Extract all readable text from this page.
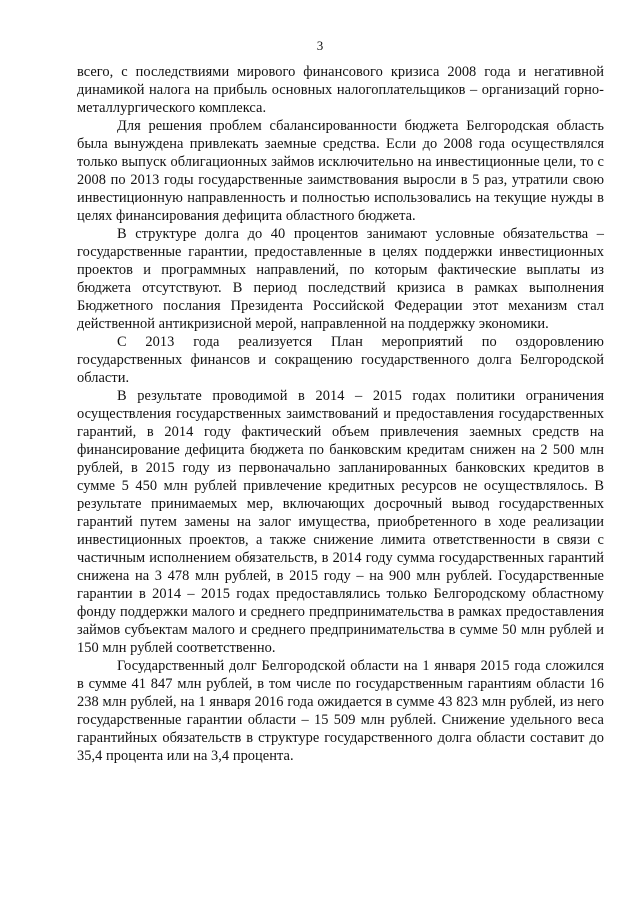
3

всего, с последствиями мирового финансового кризиса 2008 года и негативной динамикой налога на прибыль основных налогоплательщиков – организаций горно-металлургического комплекса.

Для решения проблем сбалансированности бюджета Белгородская область была вынуждена привлекать заемные средства. Если до 2008 года осуществлялся только выпуск облигационных займов исключительно на инвестиционные цели, то с 2008 по 2013 годы государственные заимствования выросли в 5 раз, утратили свою инвестиционную направленность и полностью использовались на текущие нужды в целях финансирования дефицита областного бюджета.

В структуре долга до 40 процентов занимают условные обязательства – государственные гарантии, предоставленные в целях поддержки инвестиционных проектов и программных направлений, по которым фактические выплаты из бюджета отсутствуют. В период последствий кризиса в рамках выполнения Бюджетного послания Президента Российской Федерации этот механизм стал действенной антикризисной мерой, направленной на поддержку экономики.

С 2013 года реализуется План мероприятий по оздоровлению государственных финансов и сокращению государственного долга Белгородской области.

В результате проводимой в 2014 – 2015 годах политики ограничения осуществления государственных заимствований и предоставления государственных гарантий, в 2014 году фактический объем привлечения заемных средств на финансирование дефицита бюджета по банковским кредитам снижен на 2 500 млн рублей, в 2015 году из первоначально запланированных банковских кредитов в сумме 5 450 млн рублей привлечение кредитных ресурсов не осуществлялось. В результате принимаемых мер, включающих досрочный вывод государственных гарантий путем замены на залог имущества, приобретенного в ходе реализации инвестиционных проектов, а также снижение лимита ответственности в связи с частичным исполнением обязательств, в 2014 году сумма государственных гарантий снижена на 3 478 млн рублей, в 2015 году – на 900 млн рублей. Государственные гарантии в 2014 – 2015 годах предоставлялись только Белгородскому областному фонду поддержки малого и среднего предпринимательства в рамках предоставления займов субъектам малого и среднего предпринимательства в сумме 50 млн рублей и 150 млн рублей соответственно.

Государственный долг Белгородской области на 1 января 2015 года сложился в сумме 41 847 млн рублей, в том числе по государственным гарантиям области 16 238 млн рублей, на 1 января 2016 года ожидается в сумме 43 823 млн рублей, из него государственные гарантии области – 15 509 млн рублей. Снижение удельного веса гарантийных обязательств в структуре государственного долга области составит до 35,4 процента или на 3,4 процента.
